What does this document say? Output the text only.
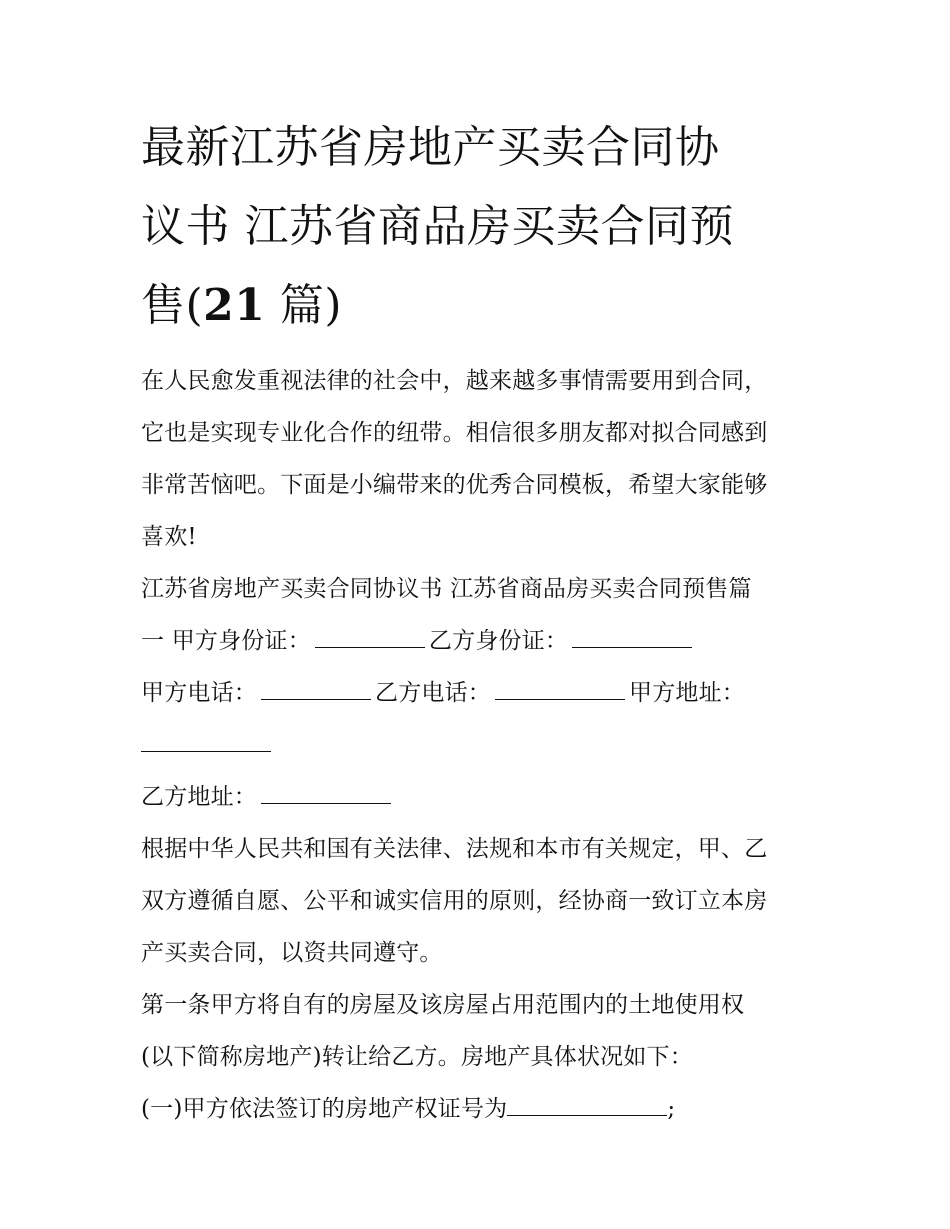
最新江苏省房地产买卖合同协
议书 江苏省商品房买卖合同预
售(21 篇)
在人民愈发重视法律的社会中，越来越多事情需要用到合同，
它也是实现专业化合作的纽带。相信很多朋友都对拟合同感到
非常苦恼吧。下面是小编带来的优秀合同模板，希望大家能够
喜欢!
江苏省房地产买卖合同协议书 江苏省商品房买卖合同预售篇
一 甲方身份证：	乙方身份证：
甲方电话：	乙方电话：	甲方地址：
乙方地址：
根据中华人民共和国有关法律、法规和本市有关规定，甲、乙
双方遵循自愿、公平和诚实信用的原则，经协商一致订立本房
产买卖合同，以资共同遵守。
第一条甲方将自有的房屋及该房屋占用范围内的土地使用权
(以下简称房地产)转让给乙方。房地产具体状况如下：
(一)甲方依法签订的房地产权证号为	;
